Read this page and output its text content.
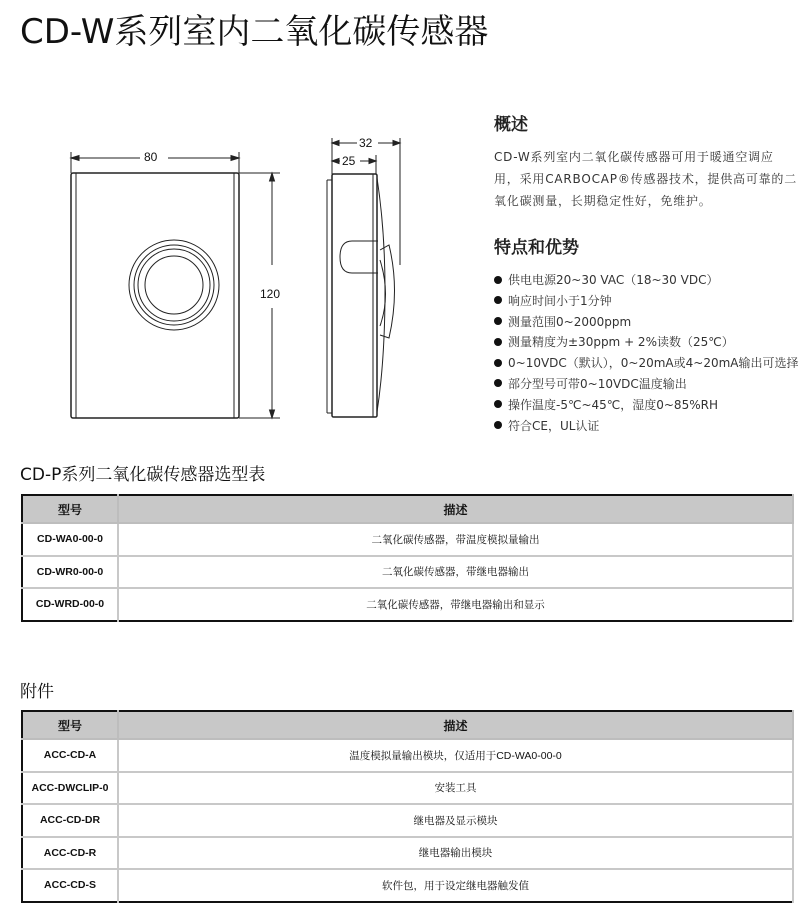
CD-W系列室内二氧化碳传感器
80
120
32
25
概述
CD-W系列室内二氧化碳传感器可用于暖通空调应用，采用CARBOCAP®传感器技术，提供高可靠的二氧化碳测量，长期稳定性好，免维护。
特点和优势
供电电源20~30 VAC（18~30 VDC）
响应时间小于1分钟
测量范围0~2000ppm
测量精度为±30ppm + 2%读数（25℃）
0~10VDC（默认），0~20mA或4~20mA输出可选择
部分型号可带0~10VDC温度输出
操作温度-5℃~45℃，湿度0~85%RH
符合CE，UL认证
CD-P系列二氧化碳传感器选型表
型号	描述
CD-WA0-00-0	二氧化碳传感器，带温度模拟量输出
CD-WR0-00-0	二氧化碳传感器，带继电器输出
CD-WRD-00-0	二氧化碳传感器，带继电器输出和显示
附件
型号	描述
ACC-CD-A	温度模拟量输出模块，仅适用于CD-WA0-00-0
ACC-DWCLIP-0	安装工具
ACC-CD-DR	继电器及显示模块
ACC-CD-R	继电器输出模块
ACC-CD-S	软件包，用于设定继电器触发值
